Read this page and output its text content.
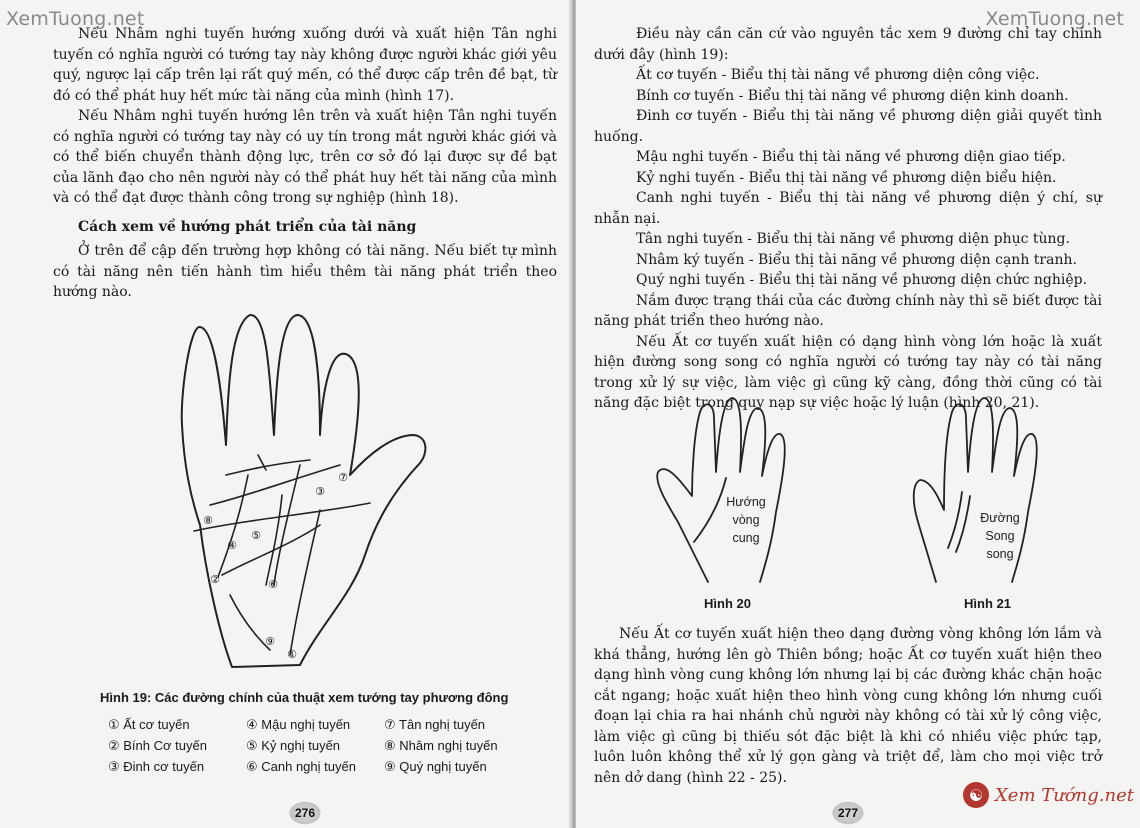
XemTuong.net

Nếu Nhâm nghi tuyến hướng xuống dưới và xuất hiện Tân nghi tuyến có nghĩa người có tướng tay này không được người khác giới yêu quý, ngược lại cấp trên lại rất quý mến, có thể được cấp trên đề bạt, từ đó có thể phát huy hết mức tài năng của mình (hình 17).

Nếu Nhâm nghi tuyến hướng lên trên và xuất hiện Tân nghi tuyến có nghĩa người có tướng tay này có uy tín trong mắt người khác giới và có thể biến chuyển thành động lực, trên cơ sở đó lại được sự đề bạt của lãnh đạo cho nên người này có thể phát huy hết tài năng của mình và có thể đạt được thành công trong sự nghiệp (hình 18).

Cách xem về hướng phát triển của tài năng

Ở trên để cập đến trường hợp không có tài năng. Nếu biết tự mình có tài năng nên tiến hành tìm hiểu thêm tài năng phát triển theo hướng nào.

①
②
③
④
⑤
⑥
⑦
⑧
⑨
Hình 19: Các đường chính của thuật xem tướng tay phương đông
① Ất cơ tuyến	④ Mậu nghị tuyến	⑦ Tân nghị tuyến
② Bính Cơ tuyến	⑤ Kỷ nghị tuyến	⑧ Nhâm nghị tuyến
③ Đinh cơ tuyến	⑥ Canh nghị tuyến	⑨ Quý nghị tuyến
276
XemTuong.net

Điều này cần căn cứ vào nguyên tắc xem 9 đường chỉ tay chính dưới đây (hình 19):

Ất cơ tuyến - Biểu thị tài năng về phương diện công việc.

Bính cơ tuyến - Biểu thị tài năng về phương diện kinh doanh.

Đinh cơ tuyến - Biểu thị tài năng về phương diện giải quyết tình huống.

Mậu nghi tuyến - Biểu thị tài năng về phương diện giao tiếp.

Kỷ nghi tuyến - Biểu thị tài năng về phương diện biểu hiện.

Canh nghi tuyến - Biểu thị tài năng về phương diện ý chí, sự nhẫn nại.

Tân nghi tuyến - Biểu thị tài năng về phương diện phục tùng.

Nhâm ký tuyến - Biểu thị tài năng về phương diện cạnh tranh.

Quý nghi tuyến - Biểu thị tài năng về phương diện chức nghiệp.

Nắm được trạng thái của các đường chính này thì sẽ biết được tài năng phát triển theo hướng nào.

Nếu Ất cơ tuyến xuất hiện có dạng hình vòng lớn hoặc là xuất hiện đường song song có nghĩa người có tướng tay này có tài năng trong xử lý sự việc, làm việc gì cũng kỹ càng, đồng thời cũng có tài năng đặc biệt trong quy nạp sự việc hoặc lý luận (hình 20, 21).

Hướng
vòng
cung
Đường
Song
song
Hình 20	Hình 21

Nếu Ất cơ tuyến xuất hiện theo dạng đường vòng không lớn lắm và khá thẳng, hướng lên gò Thiên bồng; hoặc Ất cơ tuyến xuất hiện theo dạng hình vòng cung không lớn nhưng lại bị các đường khác chặn hoặc cắt ngang; hoặc xuất hiện theo hình vòng cung không lớn nhưng cuối đoạn lại chia ra hai nhánh chủ người này không có tài xử lý công việc, làm việc gì cũng bị thiếu sót đặc biệt là khi có nhiều việc phức tạp, luôn luôn không thể xử lý gọn gàng và triệt để, làm cho mọi việc trở nên dở dang (hình 22 - 25).

277
☯ Xem Tướng.net
